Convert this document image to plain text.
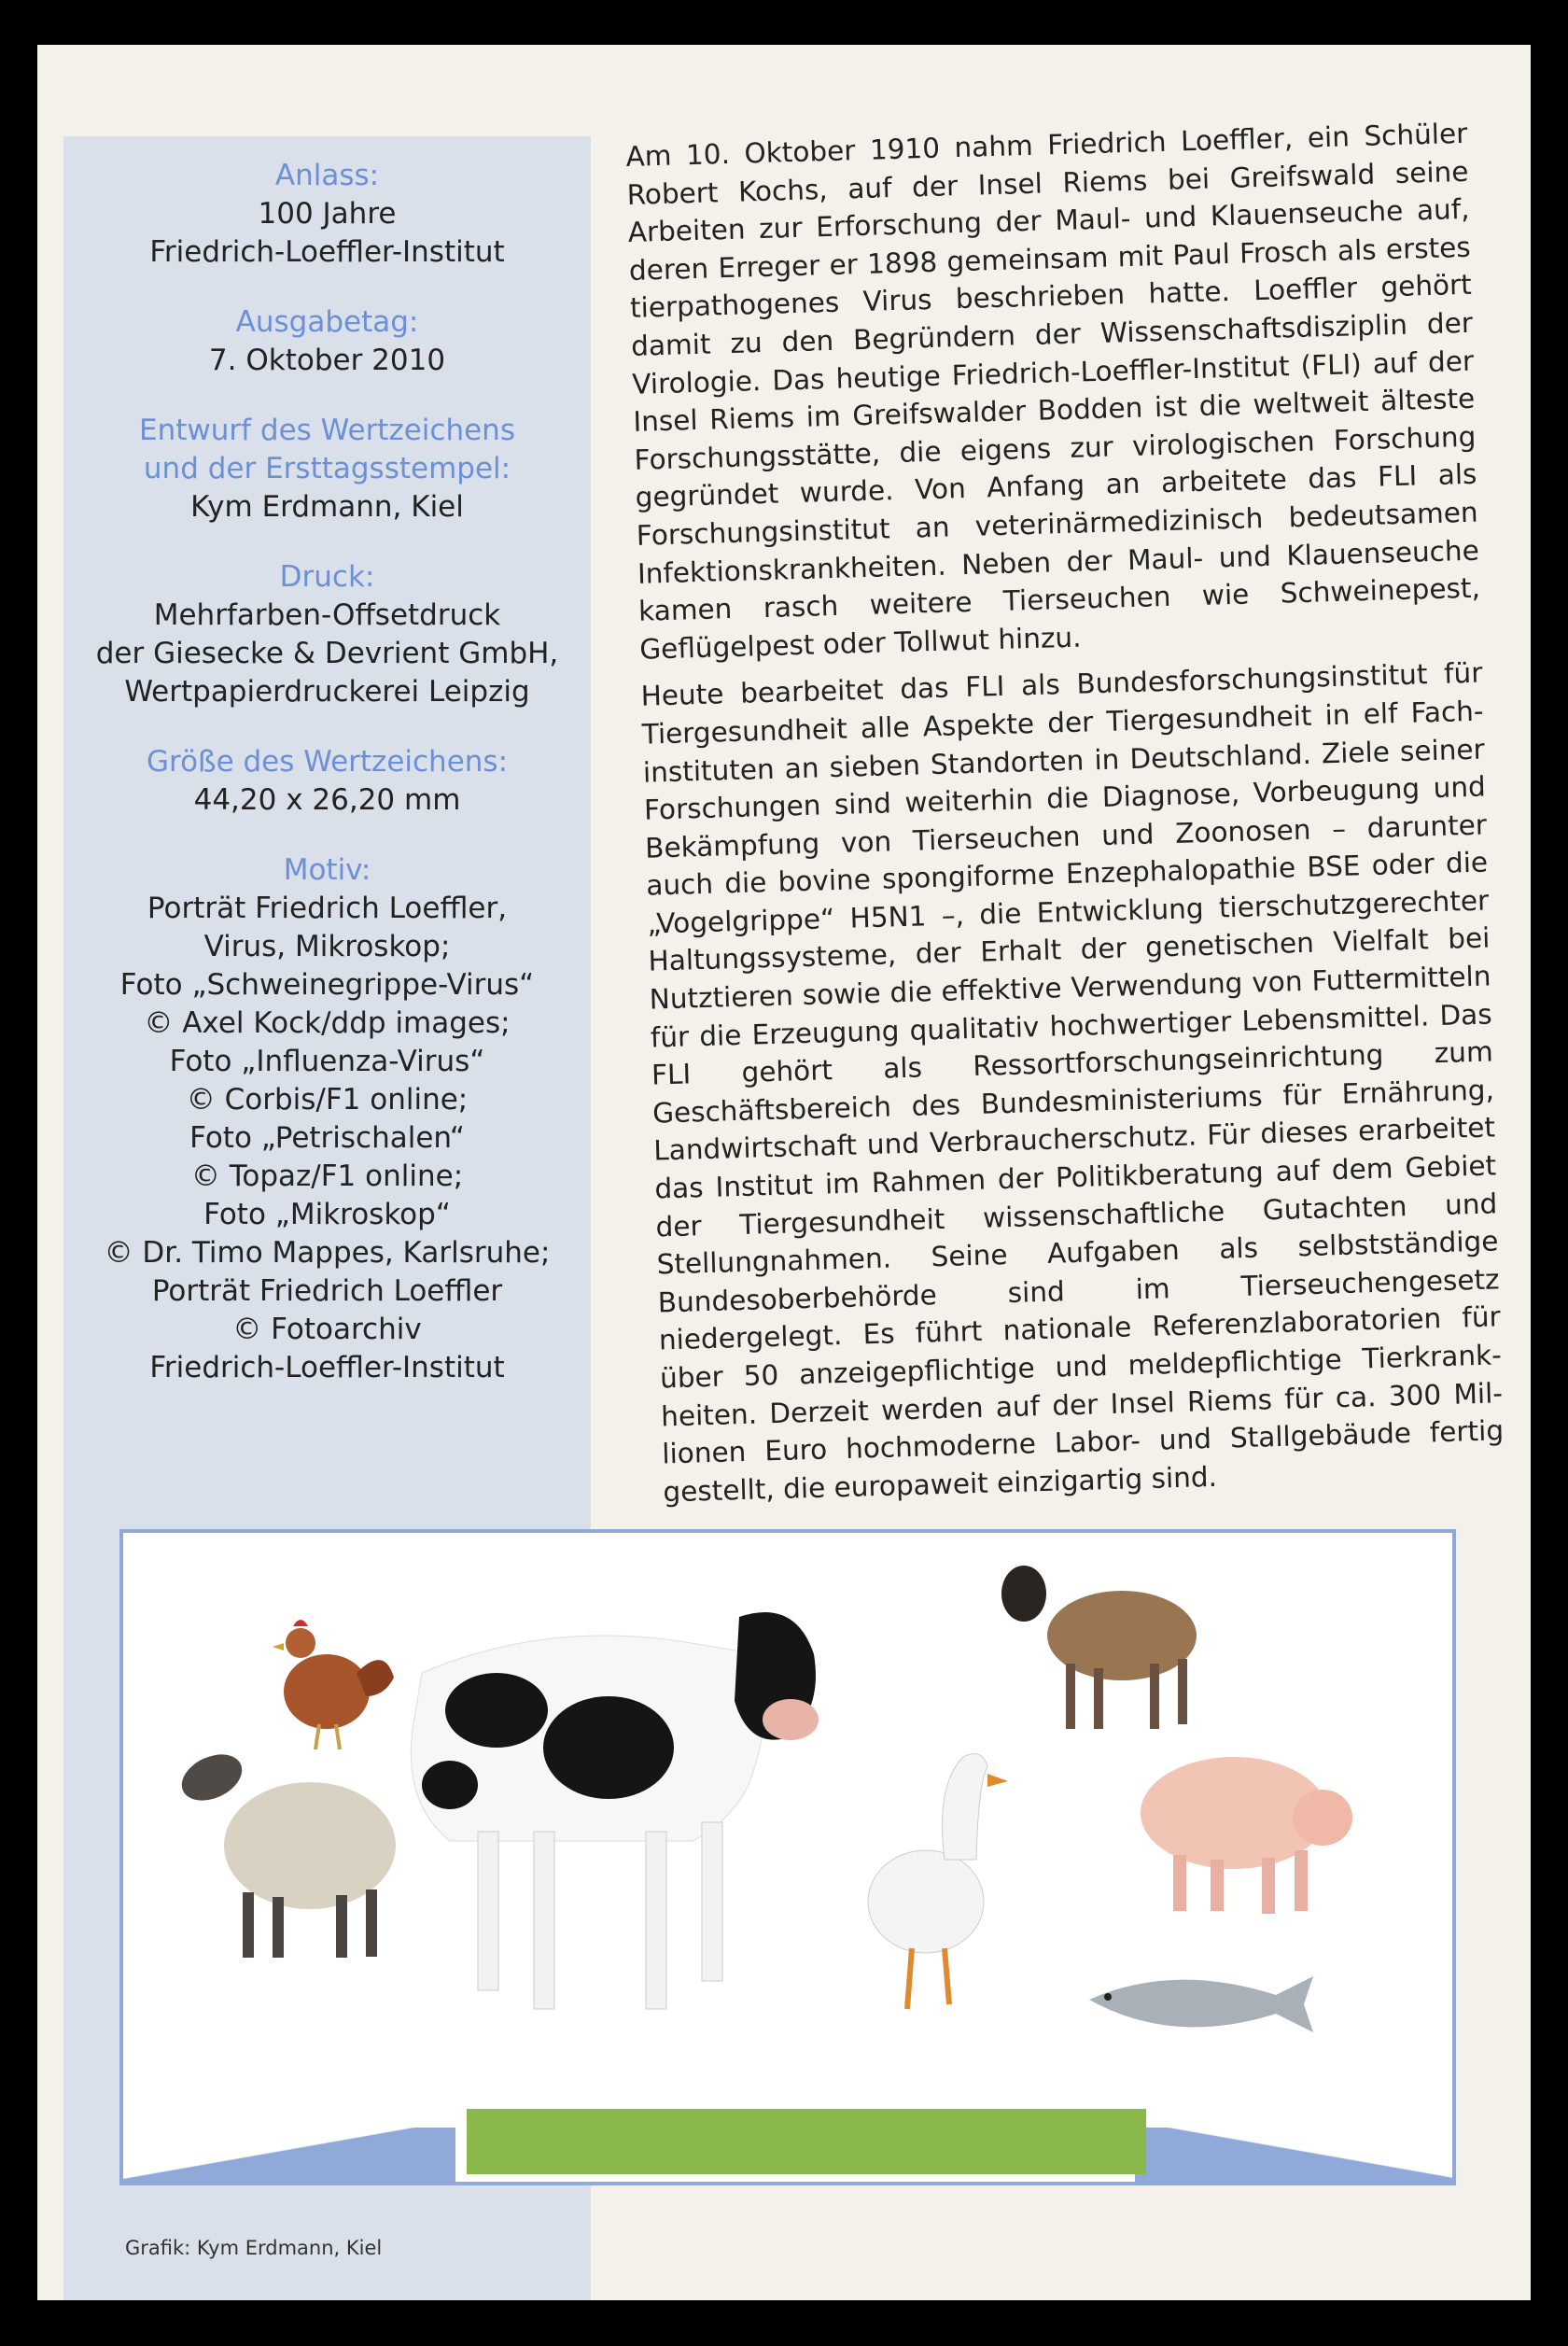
Anlass:
100 Jahre
Friedrich-Loeffler-Institut
Ausgabetag:
7. Oktober 2010
Entwurf des Wertzeichens
und der Ersttagsstempel:
Kym Erdmann, Kiel
Druck:
Mehrfarben-Offsetdruck
der Giesecke & Devrient GmbH,
Wertpapierdruckerei Leipzig
Größe des Wertzeichens:
44,20 x 26,20 mm
Motiv:
Porträt Friedrich Loeffler,
Virus, Mikroskop;
Foto „Schweinegrippe-Virus“
© Axel Kock/ddp images;
Foto „Influenza-Virus“
© Corbis/F1 online;
Foto „Petrischalen“
© Topaz/F1 online;
Foto „Mikroskop“
© Dr. Timo Mappes, Karlsruhe;
Porträt Friedrich Loeffler
© Fotoarchiv
Friedrich-Loeffler-Institut

Am 10. Oktober 1910 nahm Friedrich Loeffler, ein Schüler Robert Kochs, auf der Insel Riems bei Greifswald seine Arbeiten zur Erforschung der Maul- und Klauenseuche auf, deren Erreger er 1898 gemeinsam mit Paul Frosch als erstes tierpathogenes Virus beschrieben hatte. Loeffler gehört damit zu den Begründern der Wissenschaftsdisziplin der Virologie. Das heutige Friedrich-Loeffler-Institut (FLI) auf der Insel Riems im Greifswalder Bodden ist die weltweit älteste Forschungsstätte, die eigens zur virologischen Forschung gegründet wurde. Von Anfang an arbeitete das FLI als Forschungsinstitut an veterinärmedizinisch bedeutsamen Infektionskrankheiten. Neben der Maul- und Klauenseuche kamen rasch weitere Tierseuchen wie Schweinepest, Geflügelpest oder Tollwut hinzu.

Heute bearbeitet das FLI als Bundesforschungsinstitut für Tiergesundheit alle Aspekte der Tiergesundheit in elf Fachinstituten an sieben Standorten in Deutschland. Ziele seiner Forschungen sind weiterhin die Diagnose, Vorbeugung und Bekämpfung von Tierseuchen und Zoonosen – darunter auch die bovine spongiforme Enzephalopathie BSE oder die „Vogelgrippe“ H5N1 –, die Entwicklung tierschutzgerechter Haltungssysteme, der Erhalt der genetischen Vielfalt bei Nutztieren sowie die effektive Verwendung von Futtermitteln für die Erzeugung qualitativ hochwertiger Lebensmittel. Das FLI gehört als Ressortforschungseinrichtung zum Geschäftsbereich des Bundesministeriums für Ernährung, Landwirtschaft und Verbraucherschutz. Für dieses erarbeitet das Institut im Rahmen der Politikberatung auf dem Gebiet der Tiergesundheit wissenschaftliche Gutachten und Stellungnahmen. Seine Aufgaben als selbstständige Bundesoberbehörde sind im Tierseuchengesetz niedergelegt. Es führt nationale Referenzlaboratorien für über 50 anzeigepflichtige und meldepflichtige Tierkrankheiten. Derzeit werden auf der Insel Riems für ca. 300 Millionen Euro hochmoderne Labor- und Stallgebäude fertig gestellt, die europaweit einzigartig sind.

Grafik: Kym Erdmann, Kiel
